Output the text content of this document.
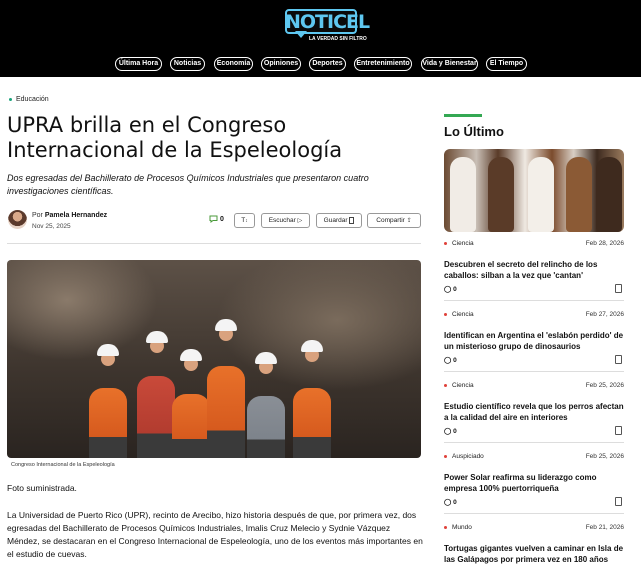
NOTICEL
LA VERDAD SIN FILTRO
Última Hora	Noticias	Economía	Opiniones	Deportes	Entretenimiento	Vida y Bienestar	El Tiempo
Educación
UPRA brilla en el Congreso Internacional de la Espeleología

Dos egresadas del Bachillerato de Procesos Químicos Industriales que presentaron cuatro investigaciones científicas.

Por Pamela Hernandez
Nov 25, 2025
0	T↕	Escuchar ▷	Guardar	Compartir ⇪
Congreso Internacional de la Espeleología

Foto suministrada.

La Universidad de Puerto Rico (UPR), recinto de Arecibo, hizo historia después de que, por primera vez, dos egresadas del Bachillerato de Procesos Químicos Industriales, Imalis Cruz Melecio y Sydnie Vázquez Méndez, se destacaran en el Congreso Internacional de Espeleología, uno de los eventos más importantes en el estudio de cuevas.

Lo Último
Ciencia	Feb 28, 2026
Descubren el secreto del relincho de los caballos: silban a la vez que 'cantan'
◯ 0
Ciencia	Feb 27, 2026
Identifican en Argentina el 'eslabón perdido' de un misterioso grupo de dinosaurios
◯ 0
Ciencia	Feb 25, 2026
Estudio científico revela que los perros afectan a la calidad del aire en interiores
◯ 0
Auspiciado	Feb 25, 2026
Power Solar reafirma su liderazgo como empresa 100% puertorriqueña
◯ 0
Mundo	Feb 21, 2026
Tortugas gigantes vuelven a caminar en Isla de las Galápagos por primera vez en 180 años
